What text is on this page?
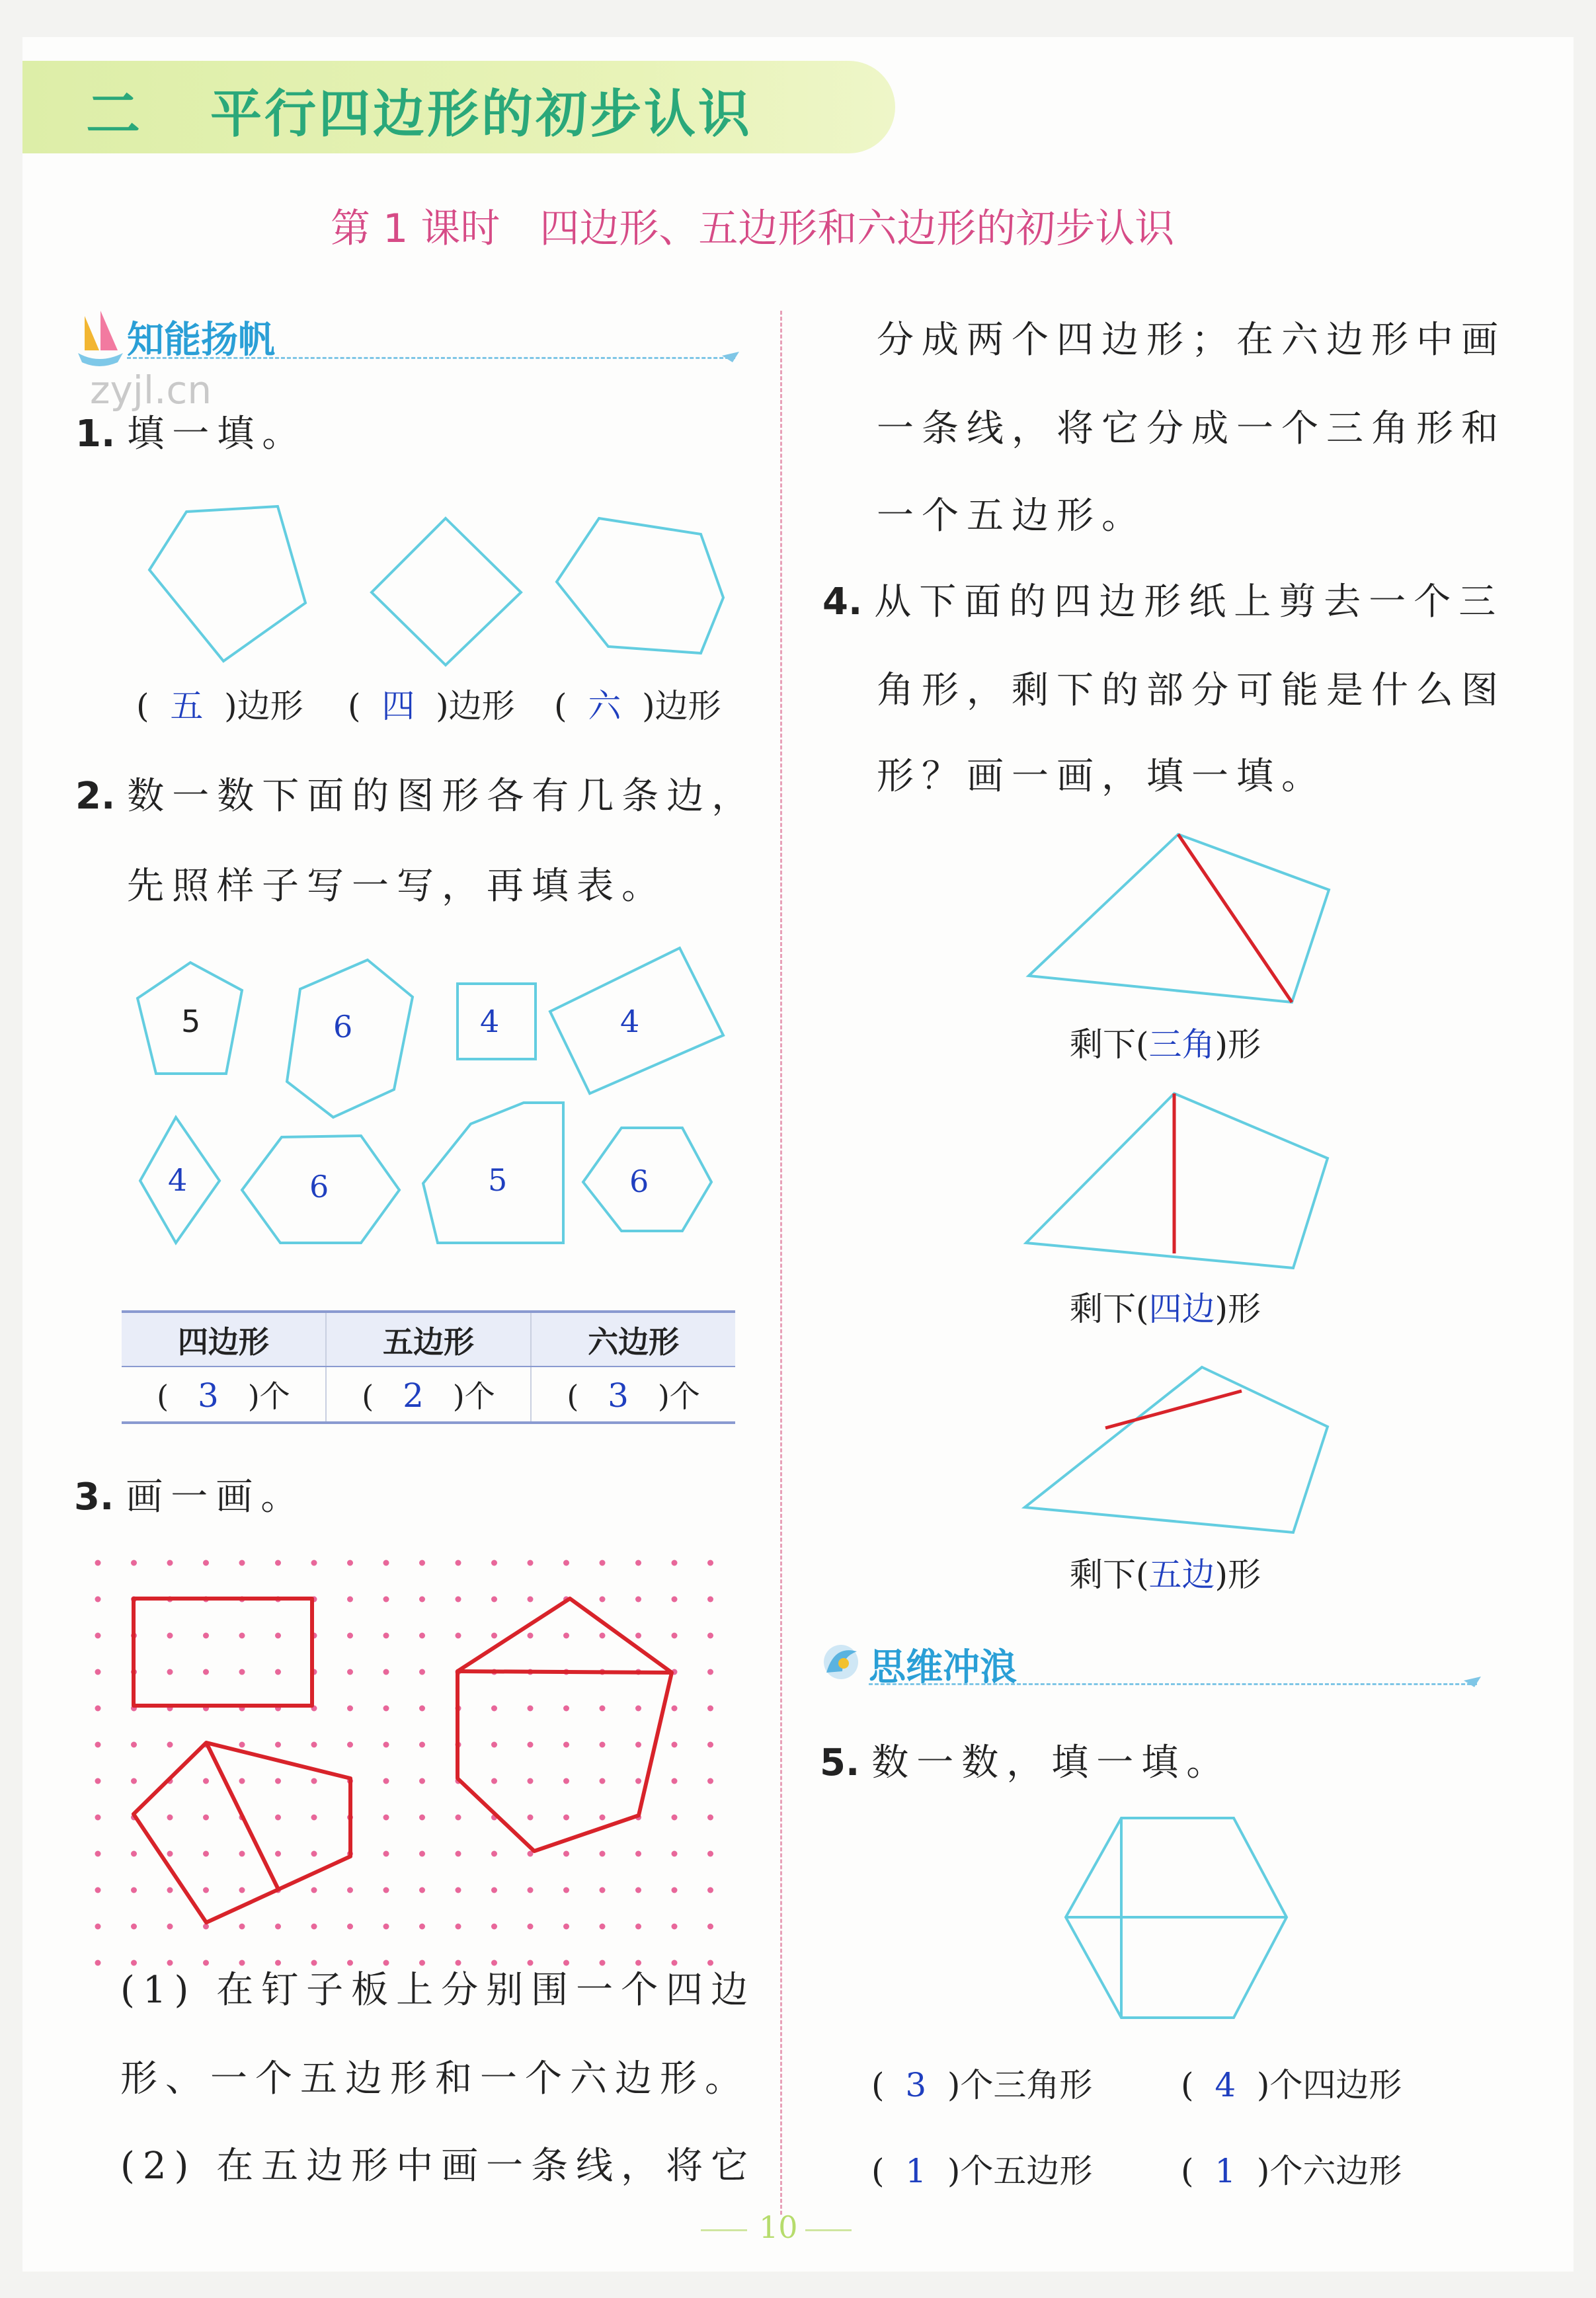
二 平行四边形的初步认识
第 1 课时 四边形、五边形和六边形的初步认识
知能扬帆
zyjl.cn
1. 填一填。
( 五 )边形 ( 四 )边形 ( 六 )边形
2. 数一数下面的图形各有几条边，
先照样子写一写，再填表。
5	6	4	4
4	6	5	6
四边形	五边形	六边形
( 3 )个	( 2 )个	( 3 )个
3. 画一画。
(1) 在钉子板上分别围一个四边
形、一个五边形和一个六边形。
(2) 在五边形中画一条线，将它
分成两个四边形；在六边形中画
一条线，将它分成一个三角形和
一个五边形。
4. 从下面的四边形纸上剪去一个三
角形，剩下的部分可能是什么图
形？画一画，填一填。
剩下(三角)形
剩下(四边)形
剩下(五边)形
思维冲浪
5. 数一数，填一填。
( 3 )个三角形	( 4 )个四边形
( 1 )个五边形	( 1 )个六边形
10
